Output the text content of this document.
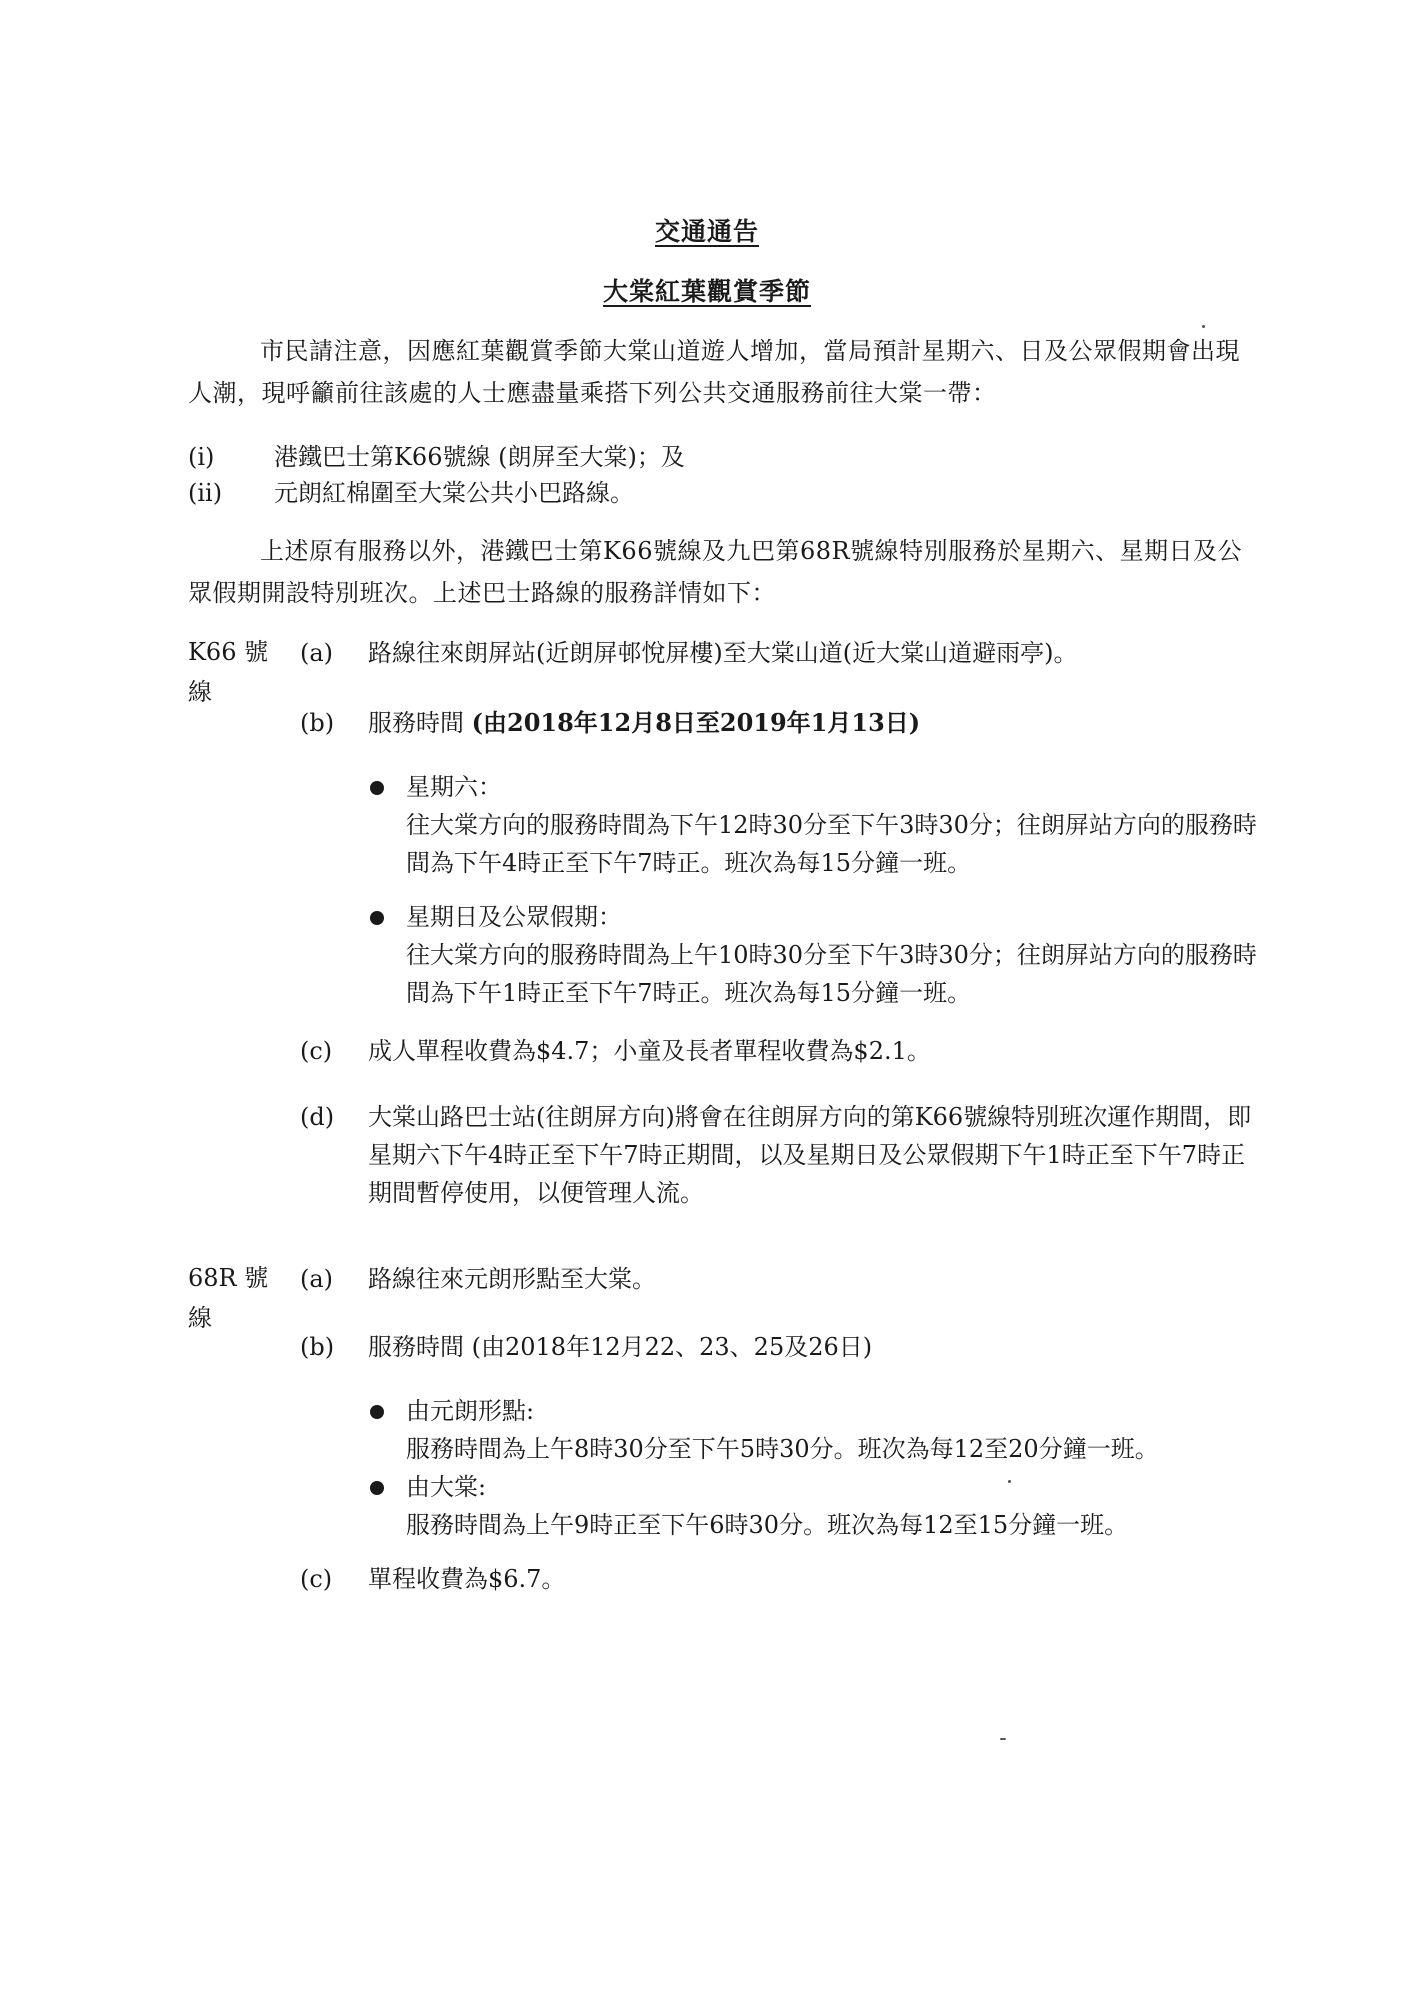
交通通告
大棠紅葉觀賞季節
市民請注意，因應紅葉觀賞季節大棠山道遊人增加，當局預計星期六、日及公眾假期會出現人潮，現呼籲前往該處的人士應盡量乘搭下列公共交通服務前往大棠一帶：
(i)	港鐵巴士第K66號線 (朗屏至大棠)；及
(ii)	元朗紅棉圍至大棠公共小巴路線。
上述原有服務以外，港鐵巴士第K66號線及九巴第68R號線特別服務於星期六、星期日及公眾假期開設特別班次。上述巴士路線的服務詳情如下：
K66 號線
(a)	路線往來朗屏站(近朗屏邨悅屏樓)至大棠山道(近大棠山道避雨亭)。
(b)	服務時間 (由2018年12月8日至2019年1月13日)
星期六：
往大棠方向的服務時間為下午12時30分至下午3時30分；往朗屏站方向的服務時間為下午4時正至下午7時正。班次為每15分鐘一班。
星期日及公眾假期：
往大棠方向的服務時間為上午10時30分至下午3時30分；往朗屏站方向的服務時間為下午1時正至下午7時正。班次為每15分鐘一班。
(c)	成人單程收費為$4.7；小童及長者單程收費為$2.1。
(d)	大棠山路巴士站(往朗屏方向)將會在往朗屏方向的第K66號線特別班次運作期間，即星期六下午4時正至下午7時正期間，以及星期日及公眾假期下午1時正至下午7時正期間暫停使用，以便管理人流。
68R 號線
(a)	路線往來元朗形點至大棠。
(b)	服務時間 (由2018年12月22、23、25及26日)
由元朗形點:
服務時間為上午8時30分至下午5時30分。班次為每12至20分鐘一班。
由大棠:
服務時間為上午9時正至下午6時30分。班次為每12至15分鐘一班。
(c)	單程收費為$6.7。
